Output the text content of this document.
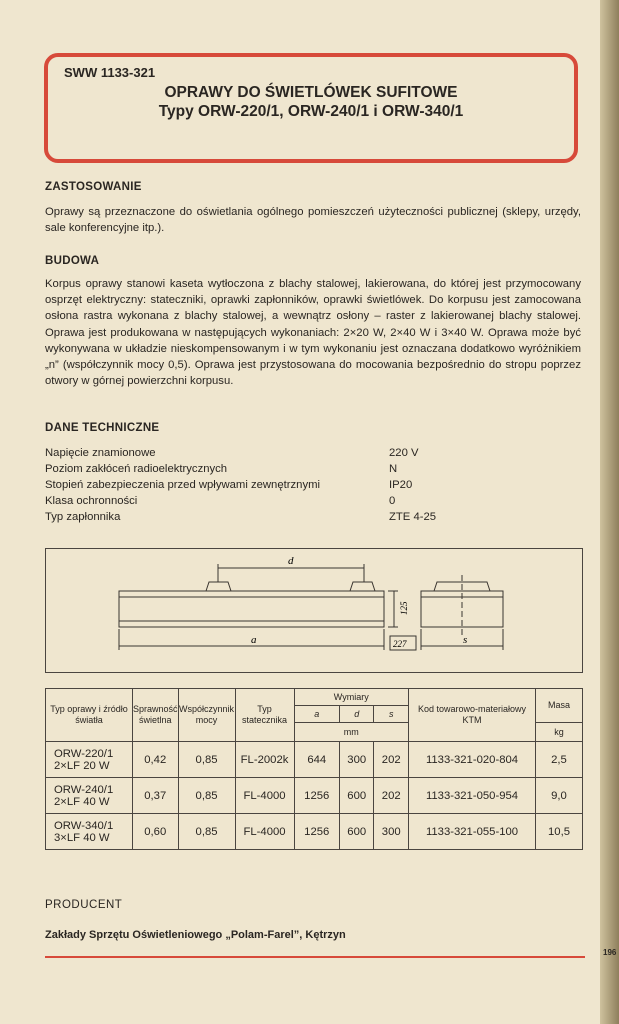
SWW 1133-321
OPRAWY DO ŚWIETLÓWEK SUFITOWE
Typy ORW-220/1, ORW-240/1 i ORW-340/1
ZASTOSOWANIE
Oprawy są przeznaczone do oświetlania ogólnego pomieszczeń użyteczności publicznej (sklepy, urzędy, sale konferencyjne itp.).
BUDOWA
Korpus oprawy stanowi kaseta wytłoczona z blachy stalowej, lakierowana, do której jest przymocowany osprzęt elektryczny: stateczniki, oprawki zapłonników, oprawki świetlówek. Do korpusu jest zamocowana osłona rastra wykonana z blachy stalowej, a wewnątrz osłony – raster z lakierowanej blachy stalowej. Oprawa jest produkowana w następujących wykonaniach: 2×20 W, 2×40 W i 3×40 W. Oprawa może być wykonywana w układzie nieskompensowanym i w tym wykonaniu jest oznaczana dodatkowo wyróżnikiem „n” (współczynnik mocy 0,5). Oprawa jest przystosowana do mocowania bezpośrednio do stropu poprzez otwory w górnej powierzchni korpusu.
DANE TECHNICZNE
Napięcie znamionowe	220 V
Poziom zakłóceń radioelektrycznych	N
Stopień zabezpieczenia przed wpływami zewnętrznymi	IP20
Klasa ochronności	0
Typ zapłonnika	ZTE 4-25
d
a	s
125
227
Typ oprawy i źródło światła	Sprawność świetlna	Współczynnik mocy	Typ statecznika	Wymiary			Kod towarowo-materiałowy KTM	Masa
				a	d	s		
				mm				kg

ORW-220/1
2×LF 20 W	0,42	0,85	FL-2002k	644	300	202	1133-321-020-804	2,5

ORW-240/1
2×LF 40 W	0,37	0,85	FL-4000	1256	600	202	1133-321-050-954	9,0

ORW-340/1
3×LF 40 W	0,60	0,85	FL-4000	1256	600	300	1133-321-055-100	10,5
PRODUCENT
Zakłady Sprzętu Oświetleniowego „Polam-Farel”, Kętrzyn
196
